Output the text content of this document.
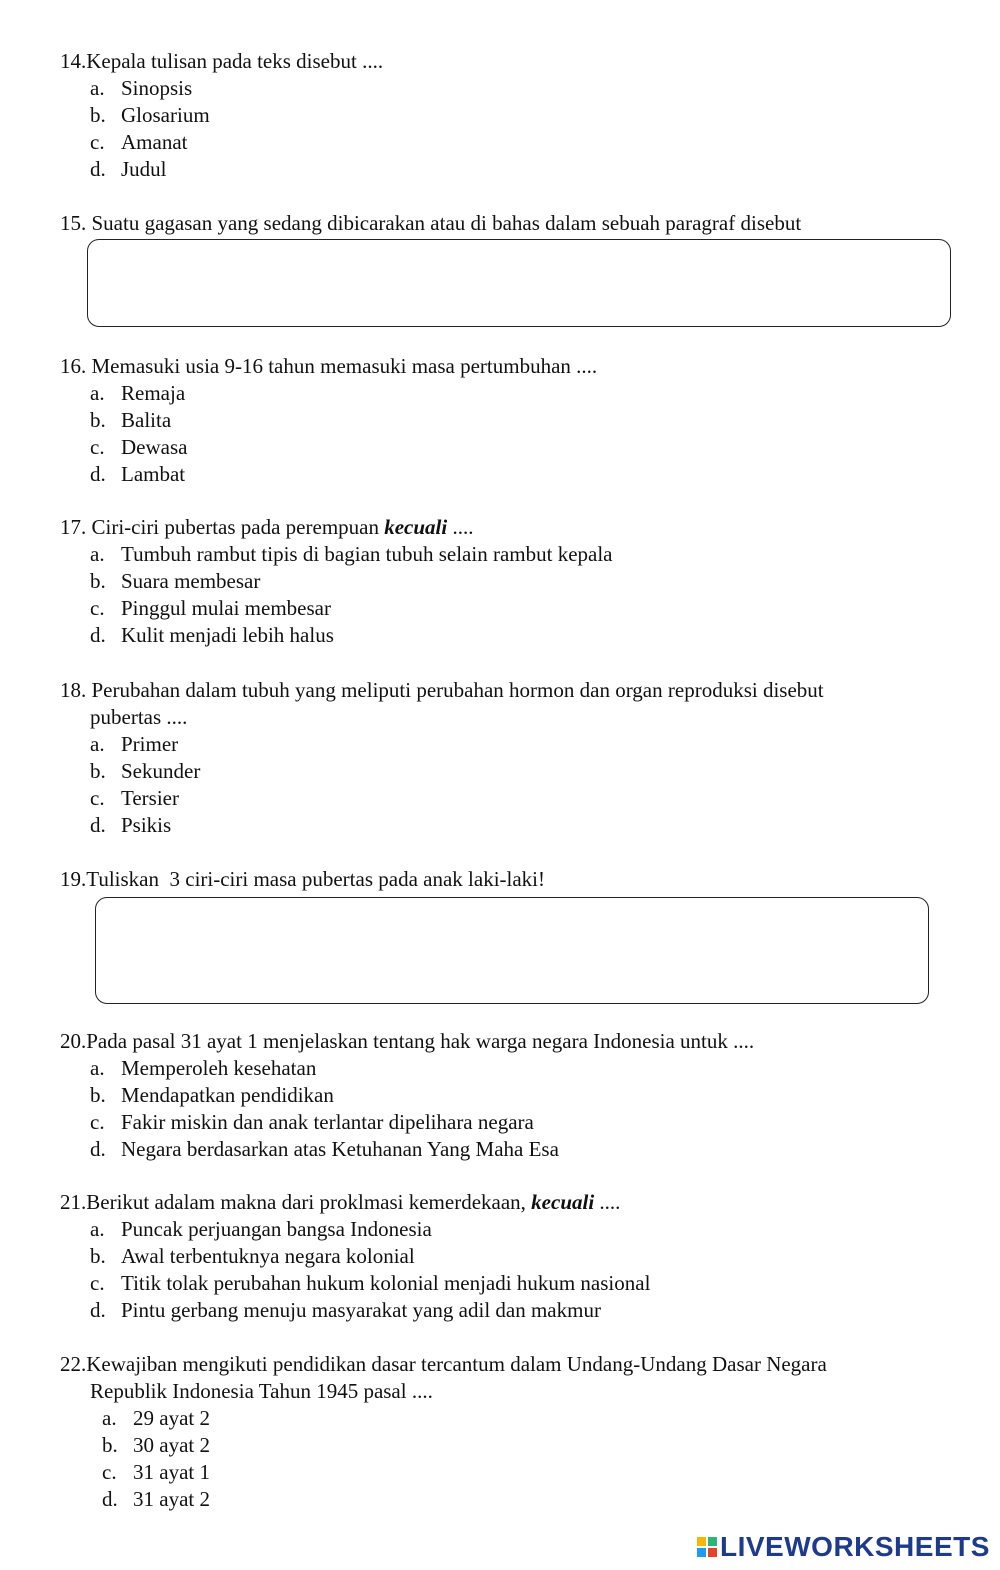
14.Kepala tulisan pada teks disebut ....
a. Sinopsis
b. Glosarium
c. Amanat
d. Judul
15. Suatu gagasan yang sedang dibicarakan atau di bahas dalam sebuah paragraf disebut
16. Memasuki usia 9-16 tahun memasuki masa pertumbuhan ....
a. Remaja
b. Balita
c. Dewasa
d. Lambat
17. Ciri-ciri pubertas pada perempuan kecuali ....
a. Tumbuh rambut tipis di bagian tubuh selain rambut kepala
b. Suara membesar
c. Pinggul mulai membesar
d. Kulit menjadi lebih halus
18. Perubahan dalam tubuh yang meliputi perubahan hormon dan organ reproduksi disebut
pubertas ....
a. Primer
b. Sekunder
c. Tersier
d. Psikis
19.Tuliskan  3 ciri-ciri masa pubertas pada anak laki-laki!
20.Pada pasal 31 ayat 1 menjelaskan tentang hak warga negara Indonesia untuk ....
a. Memperoleh kesehatan
b. Mendapatkan pendidikan
c. Fakir miskin dan anak terlantar dipelihara negara
d. Negara berdasarkan atas Ketuhanan Yang Maha Esa
21.Berikut adalam makna dari proklmasi kemerdekaan, kecuali ....
a. Puncak perjuangan bangsa Indonesia
b. Awal terbentuknya negara kolonial
c. Titik tolak perubahan hukum kolonial menjadi hukum nasional
d. Pintu gerbang menuju masyarakat yang adil dan makmur
22.Kewajiban mengikuti pendidikan dasar tercantum dalam Undang-Undang Dasar Negara
Republik Indonesia Tahun 1945 pasal ....
a. 29 ayat 2
b. 30 ayat 2
c. 31 ayat 1
d. 31 ayat 2
LIVEWORKSHEETS
